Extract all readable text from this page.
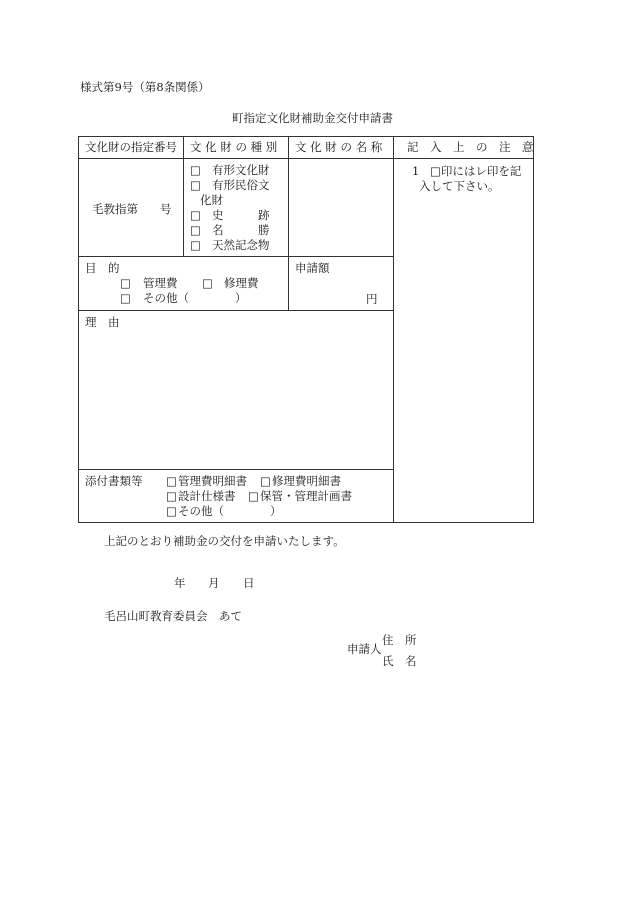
様式第9号（第8条関係）
町指定文化財補助金交付申請書
文化財の指定番号 文 化 財 の 種 別 文 化 財 の 名 称 記　入　上　の　注　意
毛教指第 号
□
有形文化財
□
有形民俗文
化財
□
史　　　跡
□
名　　　勝
□
天然記念物
1 □印にはレ印を記
入して下さい。
目　的
□
管理費 □	修理費
□
その他（　　　　）
申請額
円
理　由
添付書類等 □	管理費明細書 □ 修理費明細書
□
設計仕様書 □ 保管・管理計画書
□
その他（　　　　）
上記のとおり補助金の交付を申請いたします。
年 月 日
毛呂山町教育委員会　あて
申請人
住　所
氏　名
